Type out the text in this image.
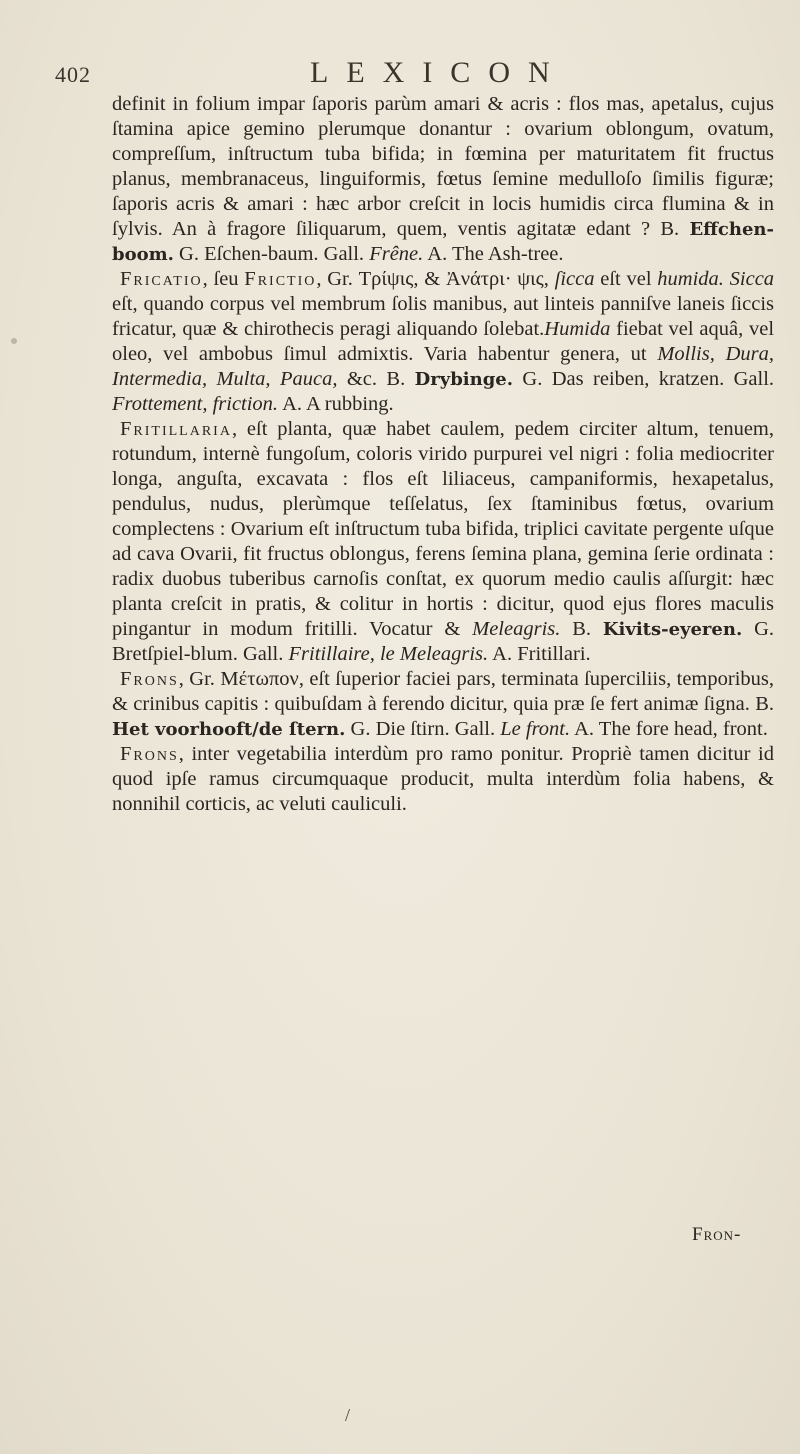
402	LEXICON

definit in folium impar ſaporis parùm amari & acris : flos mas, apetalus, cujus ſtamina apice gemino plerumque donantur : ovarium oblongum, ovatum, compreſſum, inſtructum tuba bifida; in fœmina per maturitatem fit fructus planus, membranaceus, linguiformis, fœtus ſemine medulloſo ſimilis figuræ; ſaporis acris & amari : hæc arbor creſcit in locis humidis circa flumina & in ſylvis. An à fragore ſiliquarum, quem, ventis agitatæ edant ? B. Effchen-boom. G. Eſchen-baum. Gall. Frêne. A. The Ash-tree.

Fricatio, ſeu Frictio, Gr. Τρίψις, & Ἀνάτρι· ψις, ſicca eſt vel humida. Sicca eſt, quando corpus vel membrum ſolis manibus, aut linteis panniſve laneis ſiccis fricatur, quæ & chirothecis peragi aliquando ſolebat.Humida fiebat vel aquâ, vel oleo, vel ambobus ſimul admixtis. Varia habentur genera, ut Mollis, Dura, Intermedia, Multa, Pauca, &c. B. Drybinge. G. Das reiben, kratzen. Gall. Frottement, friction. A. A rubbing.

Fritillaria, eſt planta, quæ habet caulem, pedem circiter altum, tenuem, rotundum, internè fungoſum, coloris virido purpurei vel nigri : folia mediocriter longa, anguſta, excavata : flos eſt liliaceus, campaniformis, hexapetalus, pendulus, nudus, plerùmque teſſelatus, ſex ſtaminibus fœtus, ovarium complectens : Ovarium eſt inſtructum tuba bifida, triplici cavitate pergente uſque ad cava Ovarii, fit fructus oblongus, ferens ſemina plana, gemina ſerie ordinata : radix duobus tuberibus carnoſis conſtat, ex quorum medio caulis aſſurgit: hæc planta creſcit in pratis, & colitur in hortis : dicitur, quod ejus flores maculis pingantur in modum fritilli. Vocatur & Meleagris. B. Kivits-eyeren. G. Bretſpiel-blum. Gall. Fritillaire, le Meleagris. A. Fritillari.

Frons, Gr. Μέτωπον, eſt ſuperior faciei pars, terminata ſuperciliis, temporibus, & crinibus capitis : quibuſdam à ferendo dicitur, quia præ ſe fert animæ ſigna. B. Het voorhooft/de ſtern. G. Die ſtirn. Gall. Le front. A. The fore head, front.

Frons, inter vegetabilia interdùm pro ramo ponitur. Propriè tamen dicitur id quod ipſe ramus circumquaque producit, multa interdùm folia habens, & nonnihil corticis, ac veluti cauliculi.

Fron-
/
